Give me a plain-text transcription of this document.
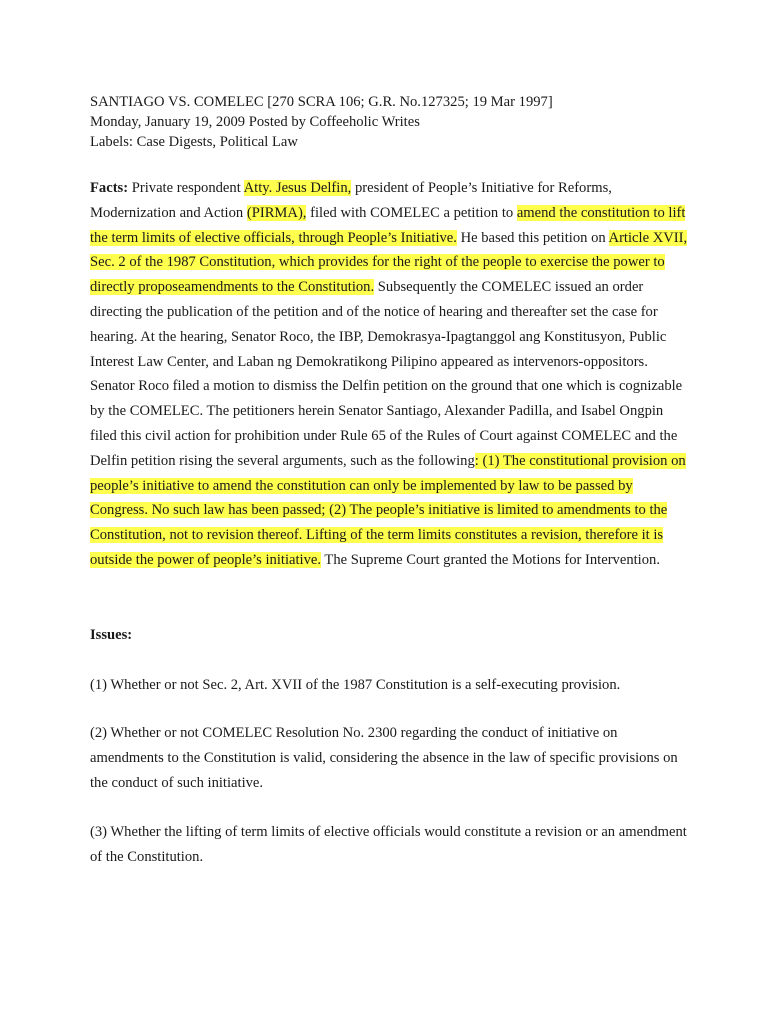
SANTIAGO VS. COMELEC [270 SCRA 106; G.R. No.127325; 19 Mar 1997]
Monday, January 19, 2009 Posted by Coffeeholic Writes
Labels: Case Digests, Political Law

Facts: Private respondent Atty. Jesus Delfin, president of People’s Initiative for Reforms, Modernization and Action (PIRMA), filed with COMELEC a petition to amend the constitution to lift the term limits of elective officials, through People’s Initiative. He based this petition on Article XVII, Sec. 2 of the 1987 Constitution, which provides for the right of the people to exercise the power to directly proposeamendments to the Constitution. Subsequently the COMELEC issued an order directing the publication of the petition and of the notice of hearing and thereafter set the case for hearing. At the hearing, Senator Roco, the IBP, Demokrasya-Ipagtanggol ang Konstitusyon, Public Interest Law Center, and Laban ng Demokratikong Pilipino appeared as intervenors-oppositors. Senator Roco filed a motion to dismiss the Delfin petition on the ground that one which is cognizable by the COMELEC. The petitioners herein Senator Santiago, Alexander Padilla, and Isabel Ongpin filed this civil action for prohibition under Rule 65 of the Rules of Court against COMELEC and the Delfin petition rising the several arguments, such as the following: (1) The constitutional provision on people’s initiative to amend the constitution can only be implemented by law to be passed by Congress. No such law has been passed; (2) The people’s initiative is limited to amendments to the Constitution, not to revision thereof. Lifting of the term limits constitutes a revision, therefore it is outside the power of people’s initiative. The Supreme Court granted the Motions for Intervention.

Issues:

(1) Whether or not Sec. 2, Art. XVII of the 1987 Constitution is a self-executing provision.

(2) Whether or not COMELEC Resolution No. 2300 regarding the conduct of initiative on amendments to the Constitution is valid, considering the absence in the law of specific provisions on the conduct of such initiative.

(3) Whether the lifting of term limits of elective officials would constitute a revision or an amendment of the Constitution.
